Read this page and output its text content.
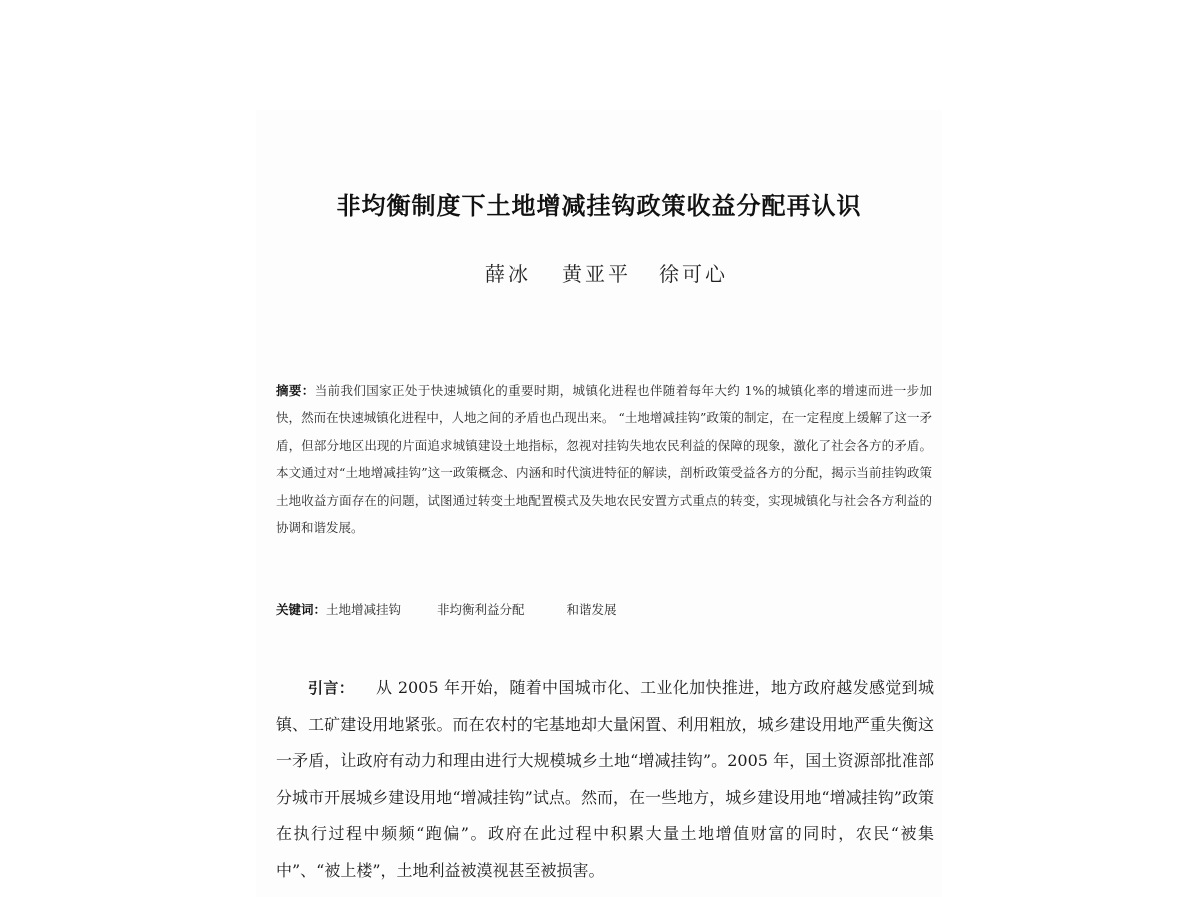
非均衡制度下土地增减挂钩政策收益分配再认识
薛冰 黄亚平 徐可心
摘要：当前我们国家正处于快速城镇化的重要时期，城镇化进程也伴随着每年大约 1%的城镇化率的增速而进一步加快，然而在快速城镇化进程中，人地之间的矛盾也凸现出来。 “土地增减挂钩”政策的制定，在一定程度上缓解了这一矛盾，但部分地区出现的片面追求城镇建设土地指标，忽视对挂钩失地农民利益的保障的现象，激化了社会各方的矛盾。本文通过对“土地增减挂钩”这一政策概念、内涵和时代演进特征的解读，剖析政策受益各方的分配，揭示当前挂钩政策土地收益方面存在的问题，试图通过转变土地配置模式及失地农民安置方式重点的转变，实现城镇化与社会各方利益的协调和谐发展。
关键词：土地增减挂钩	非均衡利益分配	和谐发展
引言： 从 2005 年开始，随着中国城市化、工业化加快推进，地方政府越发感觉到城镇、工矿建设用地紧张。而在农村的宅基地却大量闲置、利用粗放，城乡建设用地严重失衡这一矛盾，让政府有动力和理由进行大规模城乡土地“增减挂钩”。2005 年，国土资源部批准部分城市开展城乡建设用地“增减挂钩”试点。然而，在一些地方，城乡建设用地“增减挂钩”政策在执行过程中频频“跑偏”。政府在此过程中积累大量土地增值财富的同时，农民“被集中”、“被上楼”，土地利益被漠视甚至被损害。
